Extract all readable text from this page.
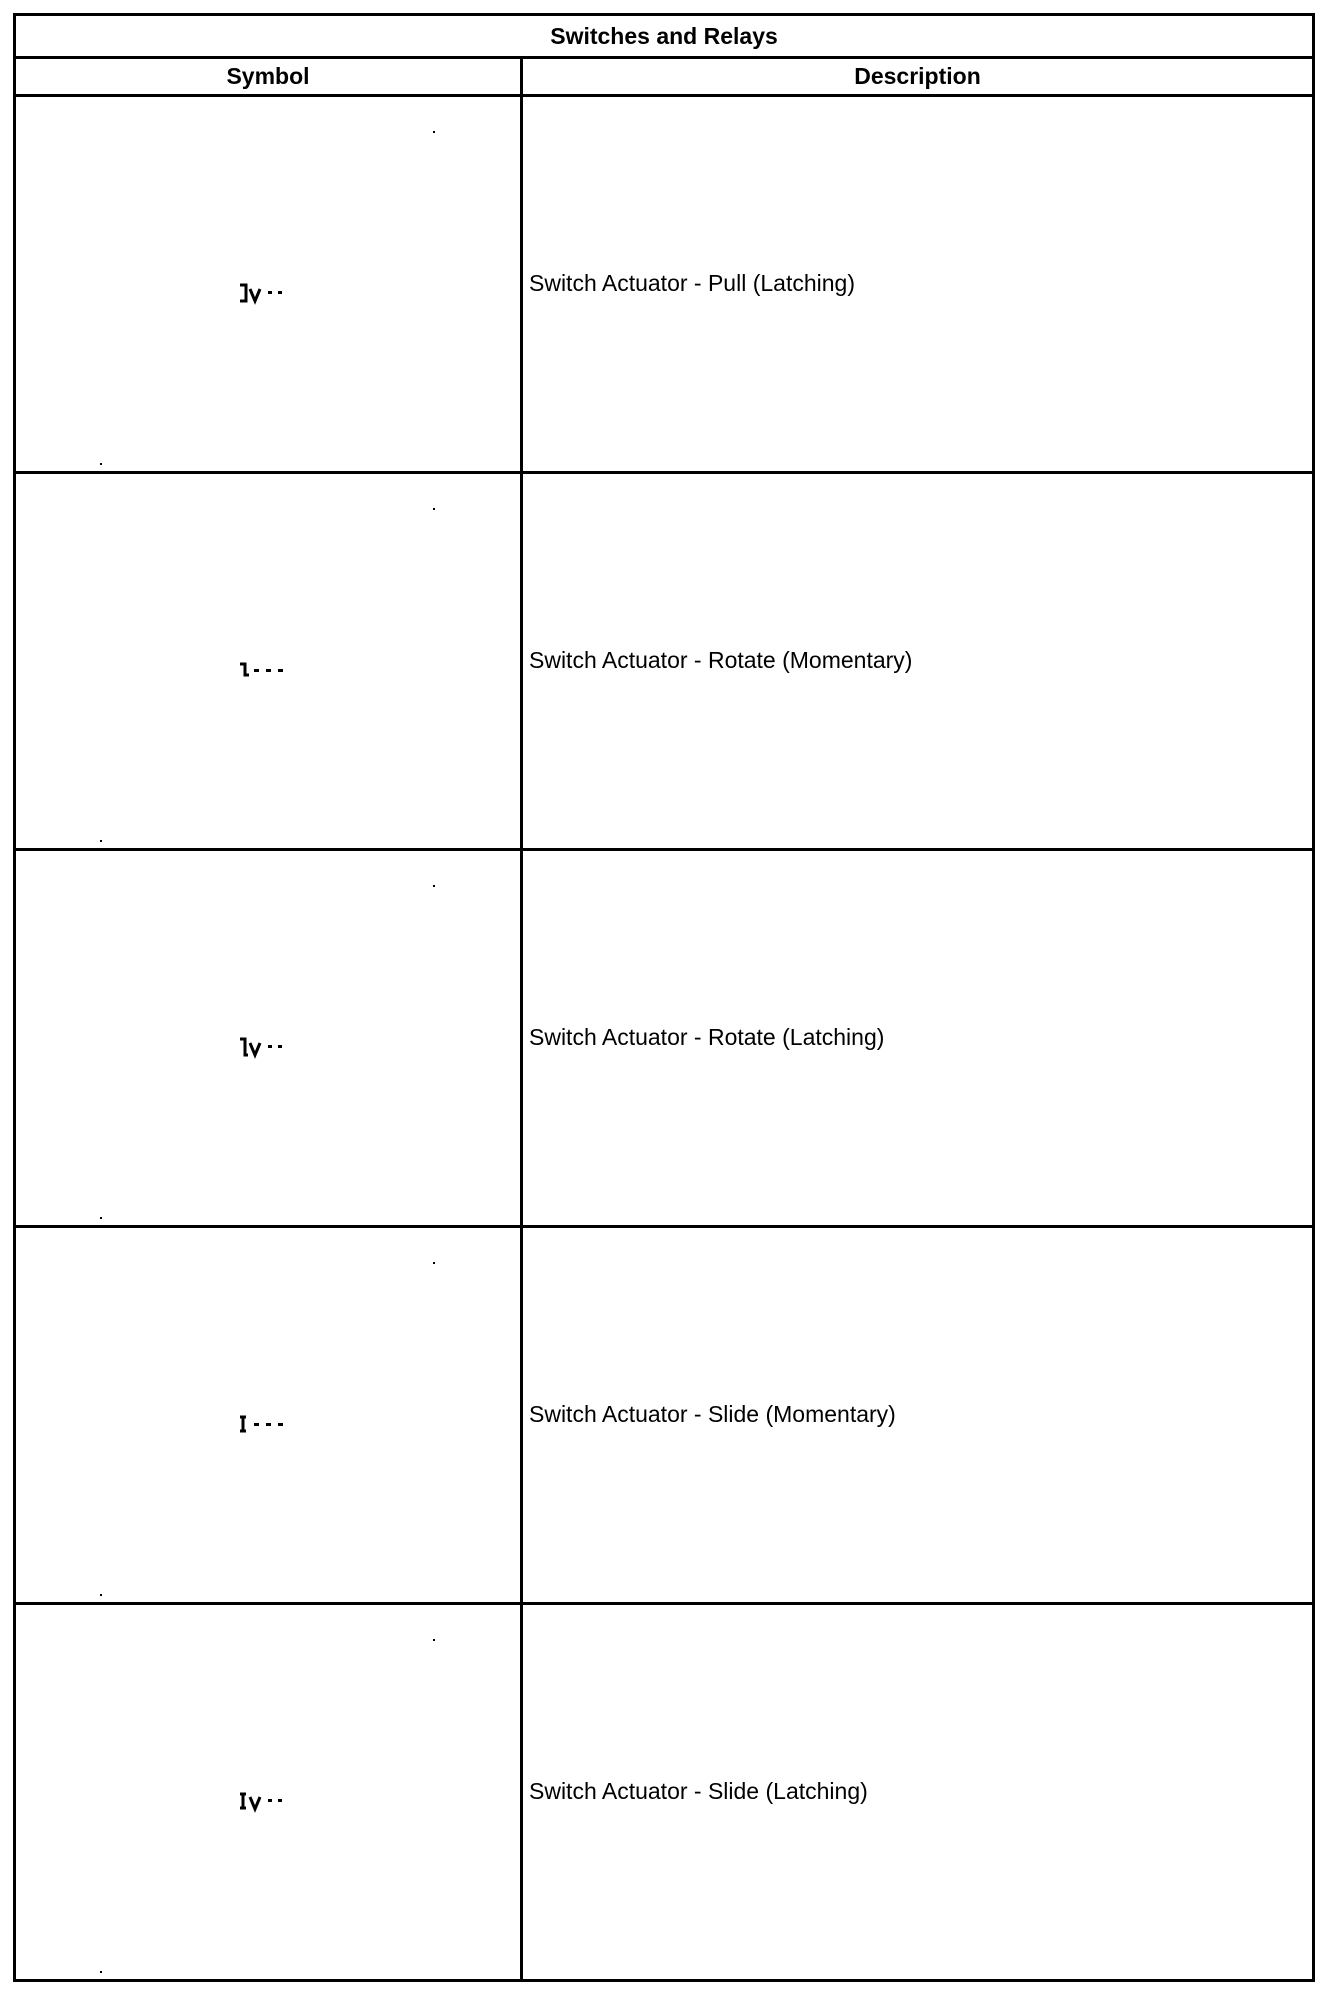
Switches and Relays	
Symbol	Description

Switch Actuator - Pull (Latching)

Switch Actuator - Rotate (Momentary)

Switch Actuator - Rotate (Latching)

Switch Actuator - Slide (Momentary)

Switch Actuator - Slide (Latching)
